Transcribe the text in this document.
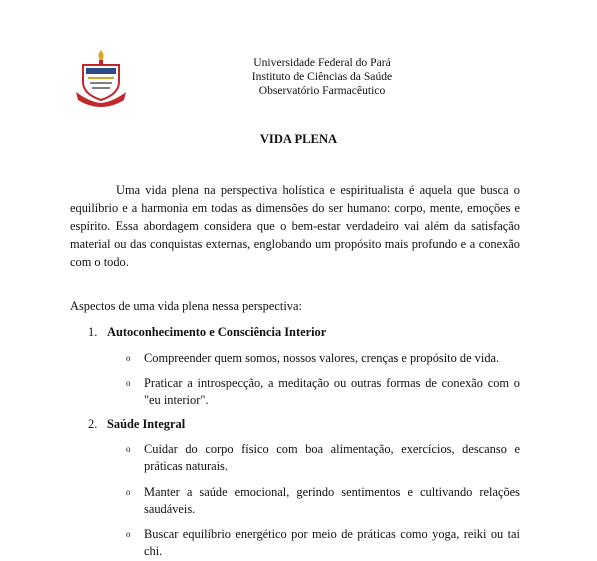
Universidade Federal do Pará
Instituto de Ciências da Saúde
Observatório Farmacêutico
VIDA PLENA

Uma vida plena na perspectiva holística e espiritualista é aquela que busca o equilíbrio e a harmonia em todas as dimensões do ser humano: corpo, mente, emoções e espírito. Essa abordagem considera que o bem-estar verdadeiro vai além da satisfação material ou das conquistas externas, englobando um propósito mais profundo e a conexão com o todo.

Aspectos de uma vida plena nessa perspectiva:

1. Autoconhecimento e Consciência Interior
o Compreender quem somos, nossos valores, crenças e propósito de vida.
o Praticar a introspecção, a meditação ou outras formas de conexão com o "eu interior".
2. Saúde Integral
o Cuidar do corpo físico com boa alimentação, exercícios, descanso e práticas naturais.
o Manter a saúde emocional, gerindo sentimentos e cultivando relações saudáveis.
o Buscar equilíbrio energético por meio de práticas como yoga, reiki ou tai chi.
